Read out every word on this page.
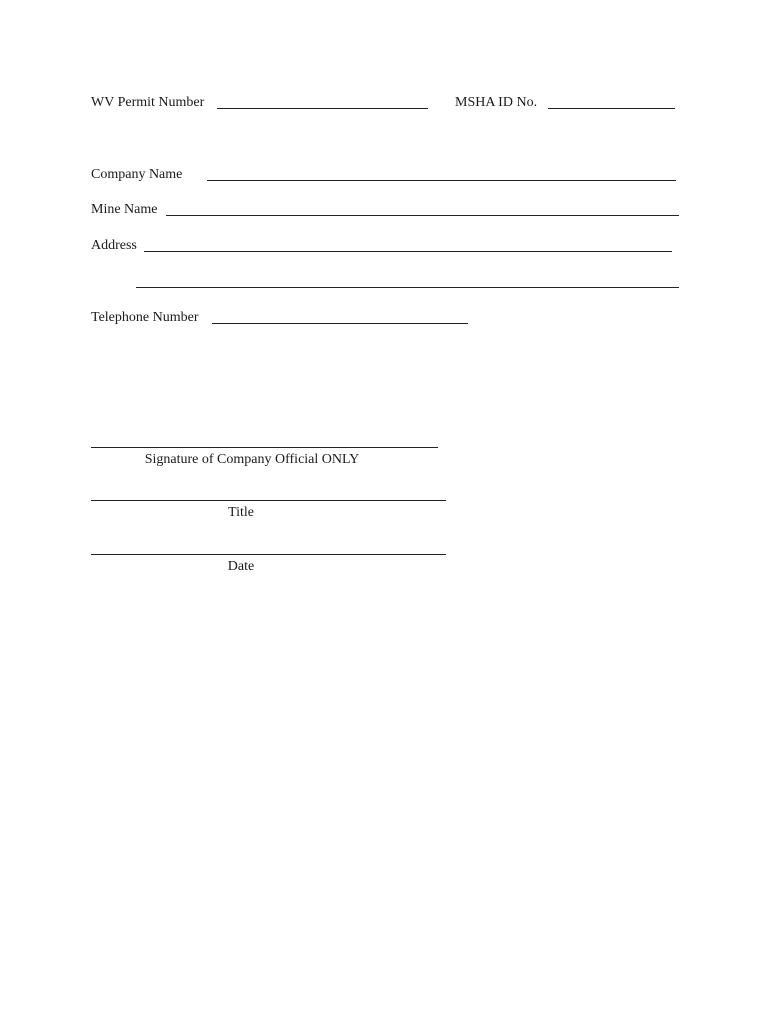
WV Permit Number	MSHA ID No.
Company Name
Mine Name
Address
Telephone Number
Signature of Company Official ONLY
Title
Date
